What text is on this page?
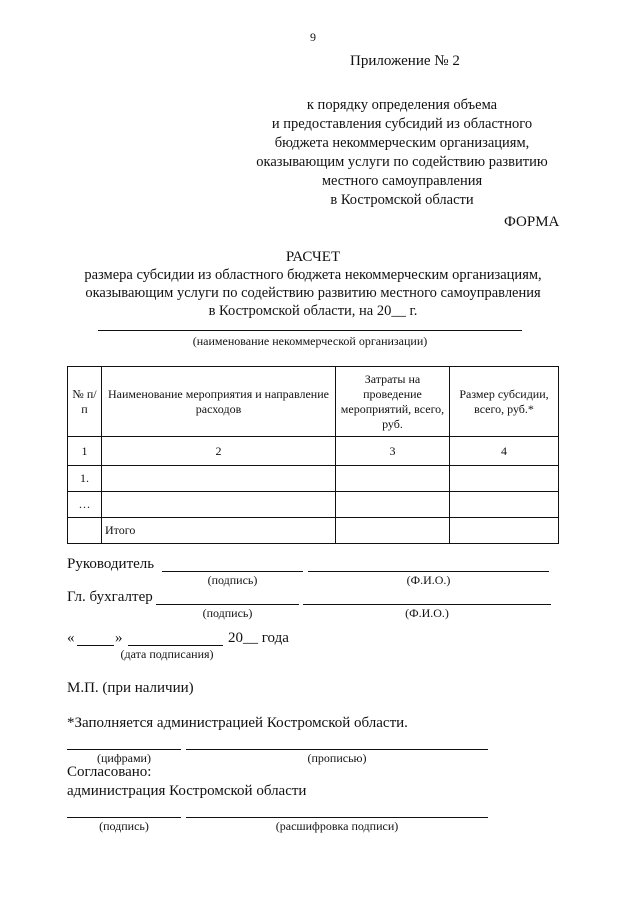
9
Приложение № 2
к порядку определения объема
и предоставления субсидий из областного
бюджета некоммерческим организациям,
оказывающим услуги по содействию развитию
местного самоуправления
в Костромской области
ФОРМА
РАСЧЕТ
размера субсидии из областного бюджета некоммерческим организациям,
оказывающим услуги по содействию развитию местного самоуправления
в Костромской области, на 20__ г.
(наименование некоммерческой организации)
№ п/п	Наименование мероприятия и направление расходов	Затраты на проведение мероприятий, всего, руб.	Размер субсидии, всего, руб.*
1	2	3	4
1.			
…			
	Итого		
Руководитель
(подпись)	(Ф.И.О.)
Гл. бухгалтер
(подпись)	(Ф.И.О.)
«	»	20__ года
(дата подписания)
М.П. (при наличии)
*Заполняется администрацией Костромской области.
(цифрами)	(прописью)
Согласовано:
администрация Костромской области
(подпись)	(расшифровка подписи)
